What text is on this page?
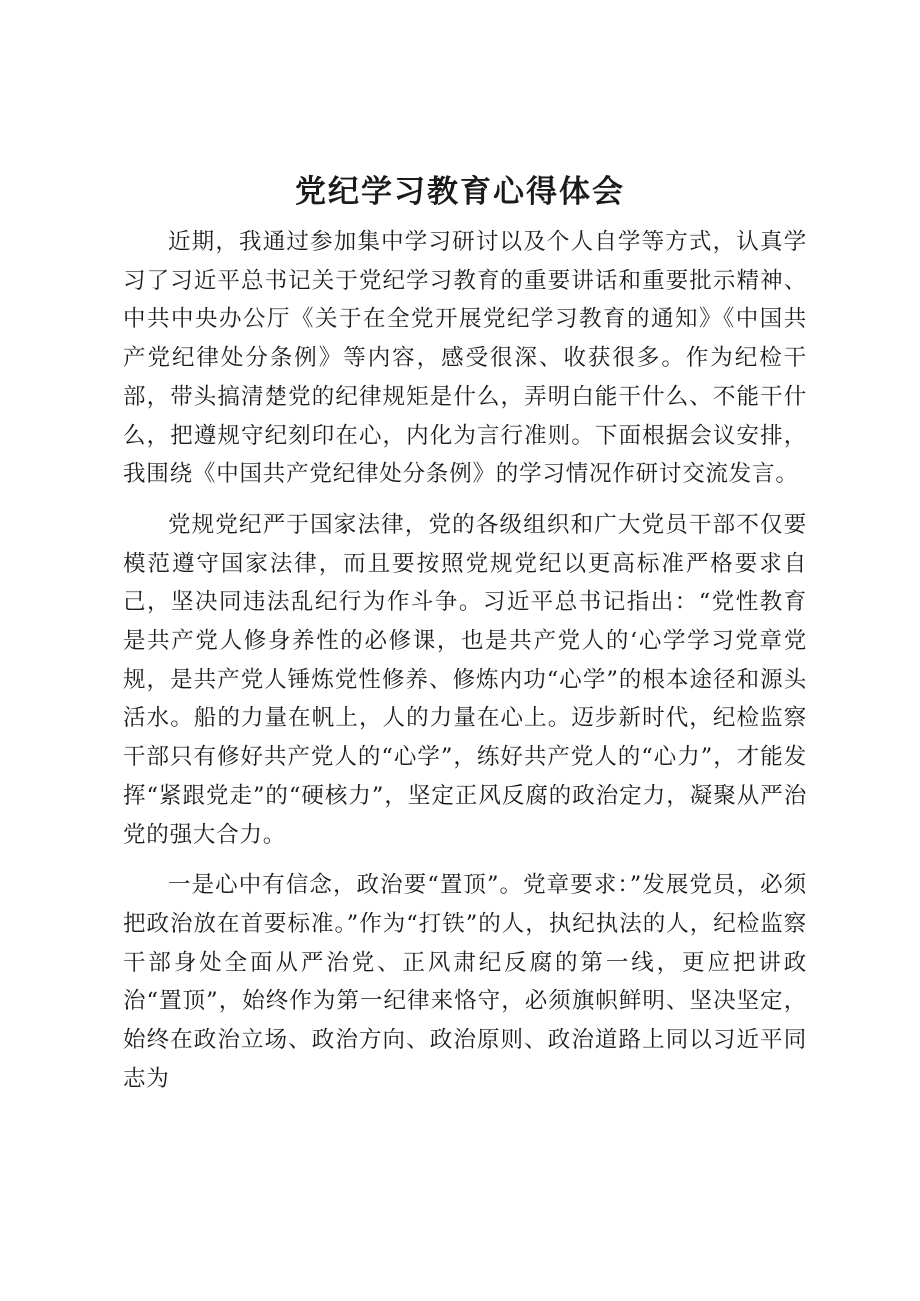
党纪学习教育心得体会

近期，我通过参加集中学习研讨以及个人自学等方式，认真学习了习近平总书记关于党纪学习教育的重要讲话和重要批示精神、中共中央办公厅《关于在全党开展党纪学习教育的通知》《中国共产党纪律处分条例》等内容，感受很深、收获很多。作为纪检干部，带头搞清楚党的纪律规矩是什么，弄明白能干什么、不能干什么，把遵规守纪刻印在心，内化为言行准则。下面根据会议安排，我围绕《中国共产党纪律处分条例》的学习情况作研讨交流发言。

党规党纪严于国家法律，党的各级组织和广大党员干部不仅要模范遵守国家法律，而且要按照党规党纪以更高标准严格要求自己，坚决同违法乱纪行为作斗争。习近平总书记指出：“党性教育是共产党人修身养性的必修课，也是共产党人的‘心学学习党章党规，是共产党人锤炼党性修养、修炼内功“心学”的根本途径和源头活水。船的力量在帆上，人的力量在心上。迈步新时代，纪检监察干部只有修好共产党人的“心学”，练好共产党人的“心力”，才能发挥“紧跟党走”的“硬核力”，坚定正风反腐的政治定力，凝聚从严治党的强大合力。

一是心中有信念，政治要“置顶”。党章要求：”发展党员，必须把政治放在首要标准。”作为“打铁”的人，执纪执法的人，纪检监察干部身处全面从严治党、正风肃纪反腐的第一线，更应把讲政治“置顶”，始终作为第一纪律来恪守，必须旗帜鲜明、坚决坚定，始终在政治立场、政治方向、政治原则、政治道路上同以习近平同志为
